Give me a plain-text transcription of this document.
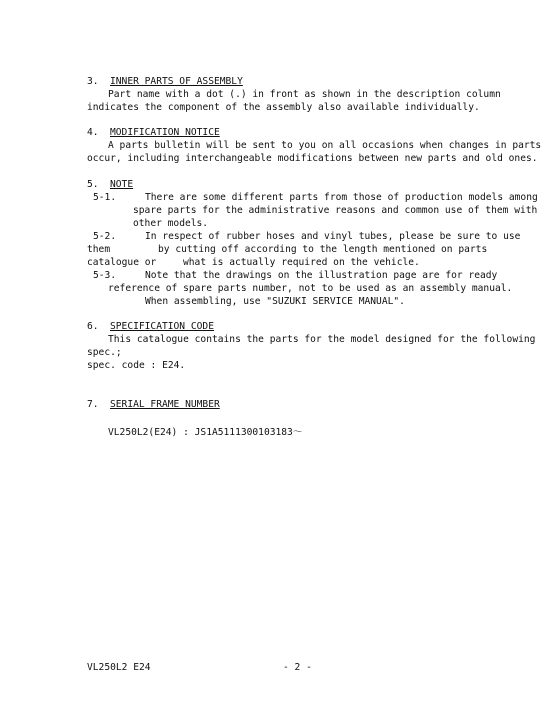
3. INNER PARTS OF ASSEMBLY
Part name with a dot (.) in front as shown in the description column
indicates the component of the assembly also available individually.
4. MODIFICATION NOTICE
A parts bulletin will be sent to you on all occasions when changes in parts
occur, including interchangeable modifications between new parts and old ones.
5. NOTE
5-1.	There are some different parts from those of production models among
spare parts for the administrative reasons and common use of them with
other models.
5-2.	In respect of rubber hoses and vinyl tubes, please be sure to use
them	by cutting off according to the length mentioned on parts
catalogue or	what is actually required on the vehicle.
5-3.	Note that the drawings on the illustration page are for ready
reference of spare parts number, not to be used as an assembly manual.
When assembling, use "SUZUKI SERVICE MANUAL".
6. SPECIFICATION CODE
This catalogue contains the parts for the model designed for the following
spec.;
spec. code : E24.
7. SERIAL FRAME NUMBER
VL250L2(E24) : JS1A5111300103183～
VL250L2 E24	- 2 -
